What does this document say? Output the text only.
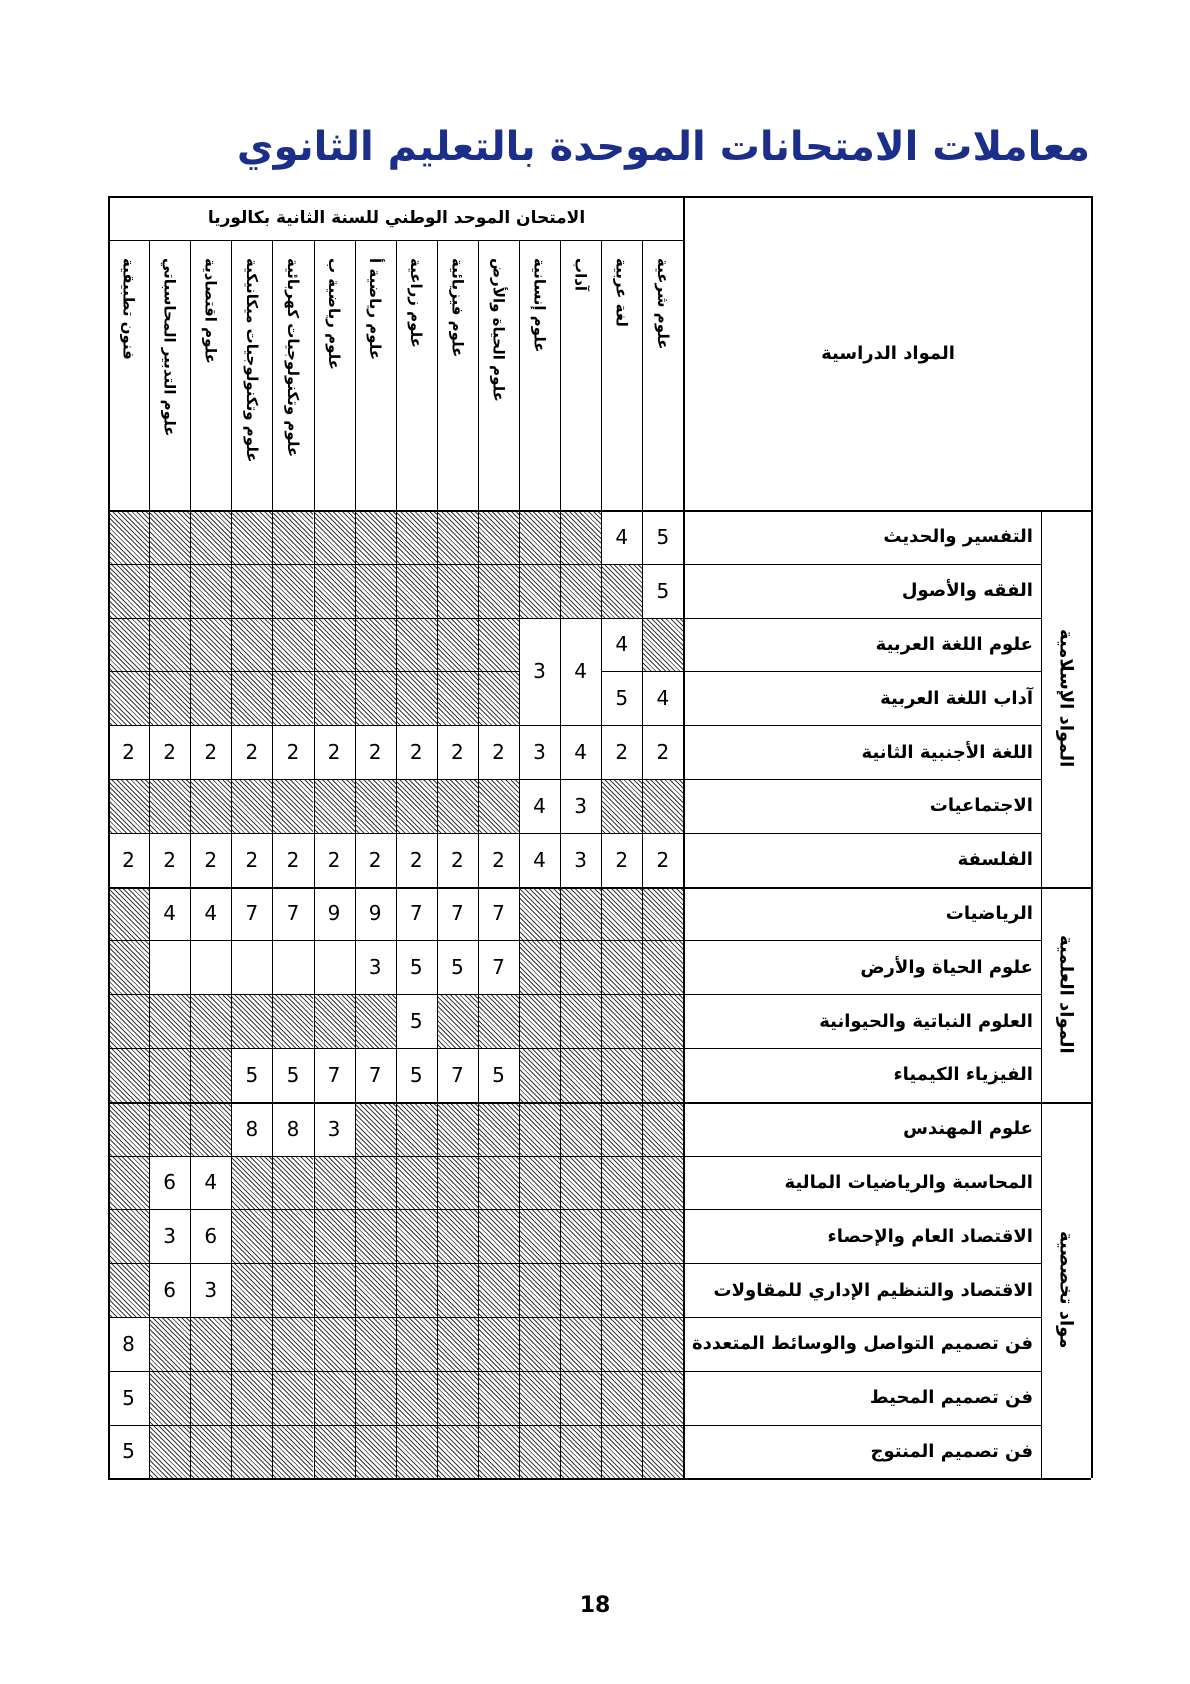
معاملات الامتحانات الموحدة بالتعليم الثانوي
علوم شرعية
لغة عربية
آداب
علوم إنسانية
علوم الحياة والأرض
علوم فيزيائية
علوم زراعية
علوم رياضية أ
علوم رياضية ب
علوم وتكنولوجيات كهربائية
علوم وتكنولوجيات ميكانيكية
علوم اقتصادية
علوم التدبير المحاسباتي
فنون تطبيقية
التفسير والحديث
5
4
الفقه والأصول
5
علوم اللغة العربية
4
آداب اللغة العربية
4
5
اللغة الأجنبية الثانية
2
2
4
3
2
2
2
2
2
2
2
2
2
2
الاجتماعيات
3
4
الفلسفة
2
2
3
4
2
2
2
2
2
2
2
2
2
2
الرياضيات
7
7
7
9
9
7
7
4
4
علوم الحياة والأرض
7
5
5
3
العلوم النباتية والحيوانية
5
الفيزياء الكيمياء
5
7
5
7
7
5
5
علوم المهندس
3
8
8
المحاسبة والرياضيات المالية
4
6
الاقتصاد العام والإحصاء
6
3
الاقتصاد والتنظيم الإداري للمقاولات
3
6
فن تصميم التواصل والوسائط المتعددة
8
فن تصميم المحيط
5
فن تصميم المنتوج
5
4
3	المواد الإسلامية
المواد العلمية
مواد تخصصية
الامتحان الموحد الوطني للسنة الثانية بكالوريا
المواد الدراسية
18
